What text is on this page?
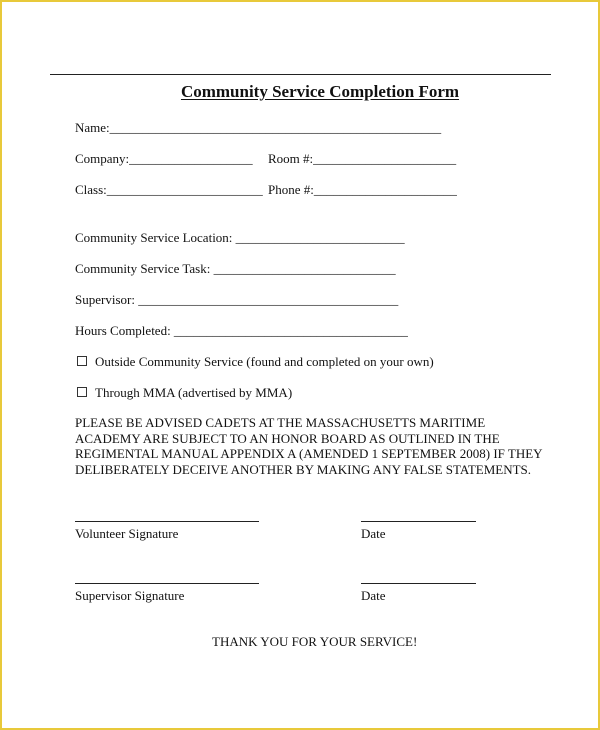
Community Service Completion Form
Name:___________________________________________________
Company:___________________ Room #:______________________
Class:________________________ Phone #:______________________
Community Service Location: __________________________
Community Service Task: ____________________________
Supervisor: ________________________________________
Hours Completed: ____________________________________
Outside Community Service (found and completed on your own)
Through MMA (advertised by MMA)
PLEASE BE ADVISED CADETS AT THE MASSACHUSETTS MARITIME ACADEMY ARE SUBJECT TO AN HONOR BOARD AS OUTLINED IN THE REGIMENTAL MANUAL APPENDIX A (AMENDED 1 SEPTEMBER 2008) IF THEY DELIBERATELY DECEIVE ANOTHER BY MAKING ANY FALSE STATEMENTS.
Volunteer Signature	Date
Supervisor Signature	Date
THANK YOU FOR YOUR SERVICE!
